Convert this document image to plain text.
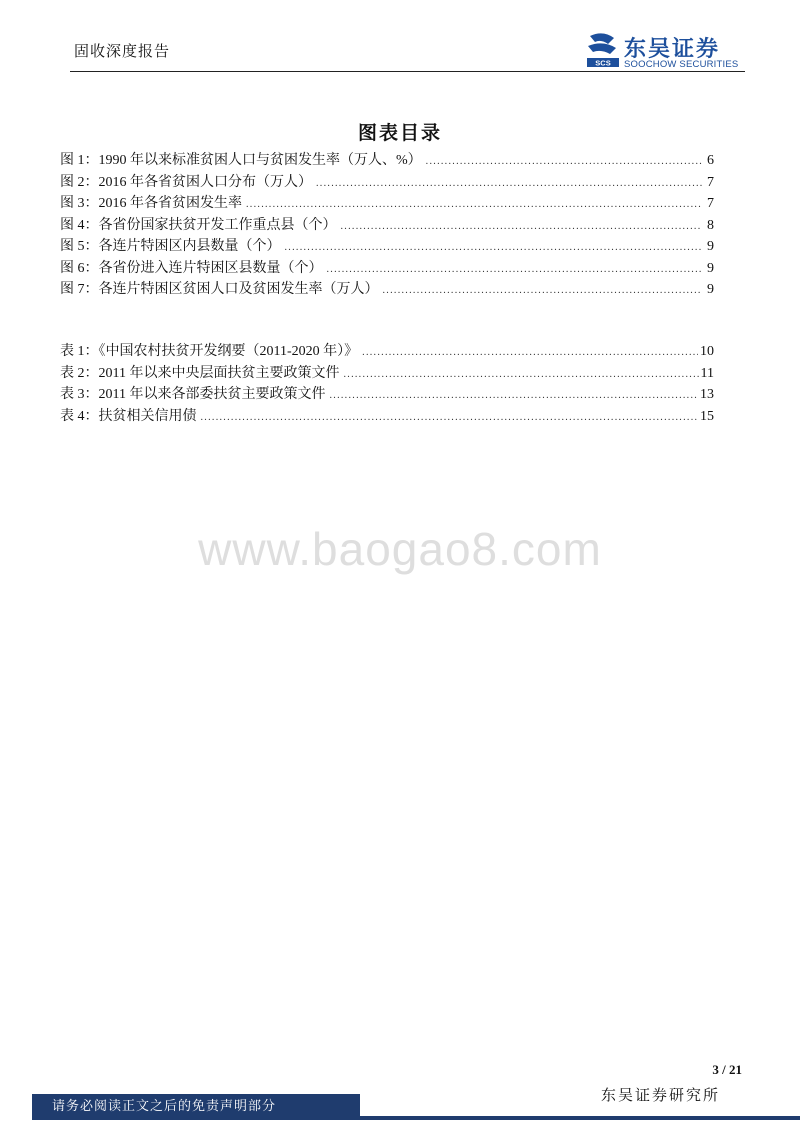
固收深度报告
SCS
东吴证券
SOOCHOW SECURITIES
图表目录
图 1：1990 年以来标准贫困人口与贫困发生率（万人、%） .....	6
图 2：2016 年各省贫困人口分布（万人） .....	7
图 3：2016 年各省贫困发生率 .....	7
图 4：各省份国家扶贫开发工作重点县（个） .....	8
图 5：各连片特困区内县数量（个） .....	9
图 6：各省份进入连片特困区县数量（个） .....	9
图 7：各连片特困区贫困人口及贫困发生率（万人） .....	9
表 1：《中国农村扶贫开发纲要（2011-2020 年）》 .....	10
表 2：2011 年以来中央层面扶贫主要政策文件 .....	11
表 3：2011 年以来各部委扶贫主要政策文件 .....	13
表 4：扶贫相关信用债 .....	15
www.baogao8.com
3 / 21
东吴证券研究所
请务必阅读正文之后的免责声明部分
